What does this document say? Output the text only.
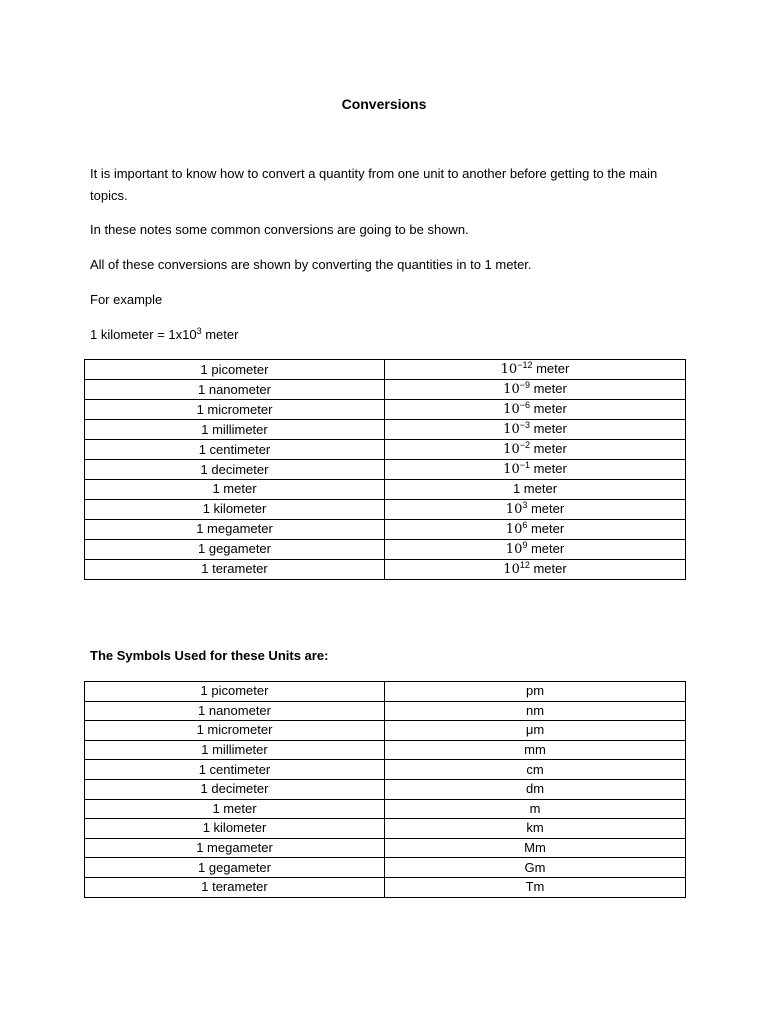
Conversions
It is important to know how to convert a quantity from one unit to another before getting to the main topics.
In these notes some common conversions are going to be shown.
All of these conversions are shown by converting the quantities in to 1 meter.
For example
1 kilometer = $1x10^3$ meter
1 picometer	$10^{-12}$ meter
1 nanometer	$10^{-9}$ meter
1 micrometer	$10^{-6}$ meter
1 millimeter	$10^{-3}$ meter
1 centimeter	$10^{-2}$ meter
1 decimeter	$10^{-1}$ meter
1 meter	1 meter
1 kilometer	$10^3$ meter
1 megameter	$10^6$ meter
1 gegameter	$10^9$ meter
1 terameter	$10^{12}$ meter
The Symbols Used for these Units are:
1 picometer	pm
1 nanometer	nm
1 micrometer	μm
1 millimeter	mm
1 centimeter	cm
1 decimeter	dm
1 meter	m
1 kilometer	km
1 megameter	Mm
1 gegameter	Gm
1 terameter	Tm
